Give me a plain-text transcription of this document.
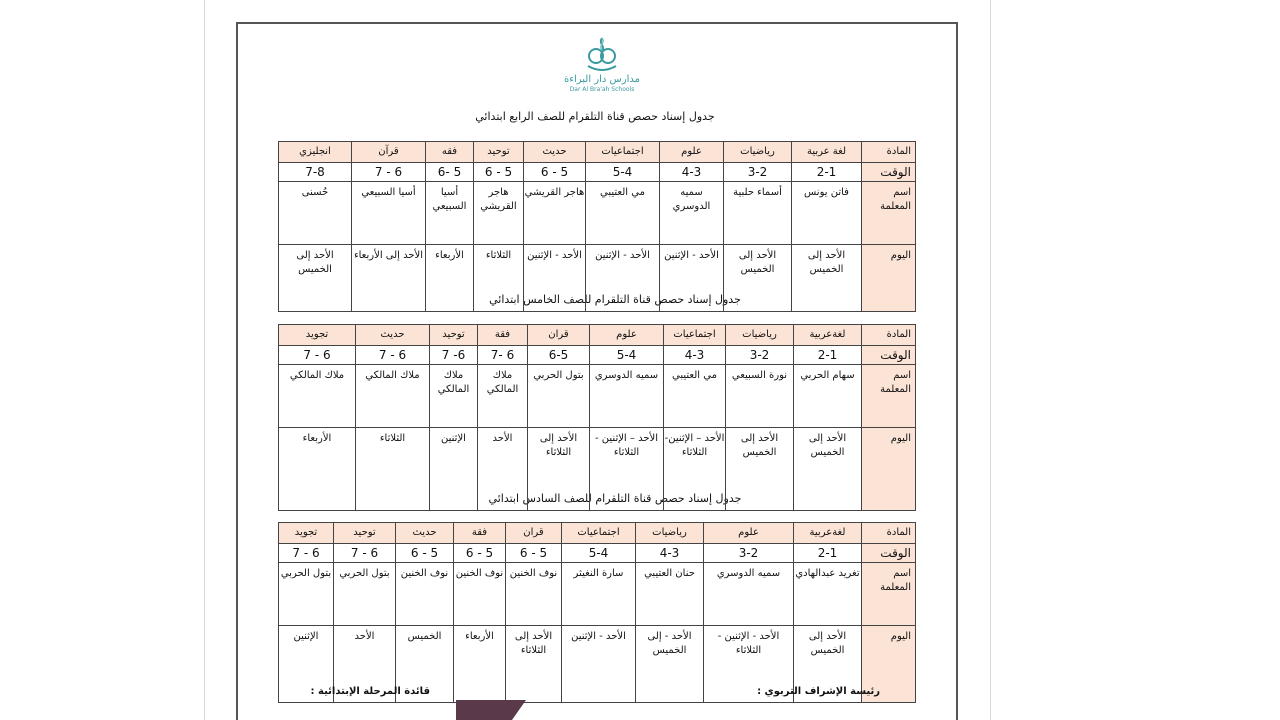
مدارس دار البراءة
Dar Al Bra'ah Schools
جدول إسناد حصص قناة التلقرام للصف الرابع ابتدائي
جدول إسناد حصص قناة التلقرام للصف الخامس ابتدائي
جدول إسناد حصص قناة التلقرام للصف السادس ابتدائي
المادة	لغة عربية	رياضيات	علوم	اجتماعيات	حديث	توحيد	فقه	قرآن	انجليزي
الوقت	2-1	3-2	4-3	5-4	5 - 6	5 - 6	5 -6	6 - 7	7-8
اسم المعلمة	فاتن يونس	أسماء حلبية	سميه الدوسري	مي العتيبي	هاجر القريشي	هاجر القريشي	أسيا السبيعي	أسيا السبيعي	حُسنى
اليوم	الأحد إلى الخميس	الأحد إلى الخميس	الأحد - الإثنين	الأحد - الإثنين	الأحد - الإثنين	الثلاثاء	الأربعاء	الأحد إلى الأربعاء	الأحد إلى الخميس
المادة	لغةعربية	رياضيات	اجتماعيات	علوم	قران	فقة	توحيد	حديث	تجويد
الوقت	2-1	3-2	4-3	5-4	6-5	6 -7	6- 7	6 - 7	6 - 7
اسم المعلمة	سهام الحربي	نورة السبيعي	مي العتيبي	سميه الدوسري	بتول الحربي	ملاك المالكي	ملاك المالكي	ملاك المالكي	ملاك المالكي
اليوم	الأحد إلى الخميس	الأحد إلى الخميس	الأحد – الإثنين- الثلاثاء	الأحد – الإثنين - الثلاثاء	الأحد إلى الثلاثاء	الأحد	الإثنين	الثلاثاء	الأربعاء
المادة	لغةعربية	علوم	رياضيات	اجتماعيات	قران	فقة	حديث	توحيد	تجويد
الوقت	2-1	3-2	4-3	5-4	5 - 6	5 - 6	5 - 6	6 - 7	6 - 7
اسم المعلمة	تغريد عبدالهادي	سميه الدوسري	حنان العتيبي	سارة النغيثر	نوف الخنين	نوف الخنين	نوف الخنين	بتول الحربي	بتول الحربي
اليوم	الأحد إلى الخميس	الأحد - الإثنين - الثلاثاء	الأحد - إلى الخميس	الأحد - الإثنين	الأحد إلى الثلاثاء	الأربعاء	الخميس	الأحد	الإثنين
رئيسة الإشراف التربوي :
قائدة المرحلة الإبتدائية :
